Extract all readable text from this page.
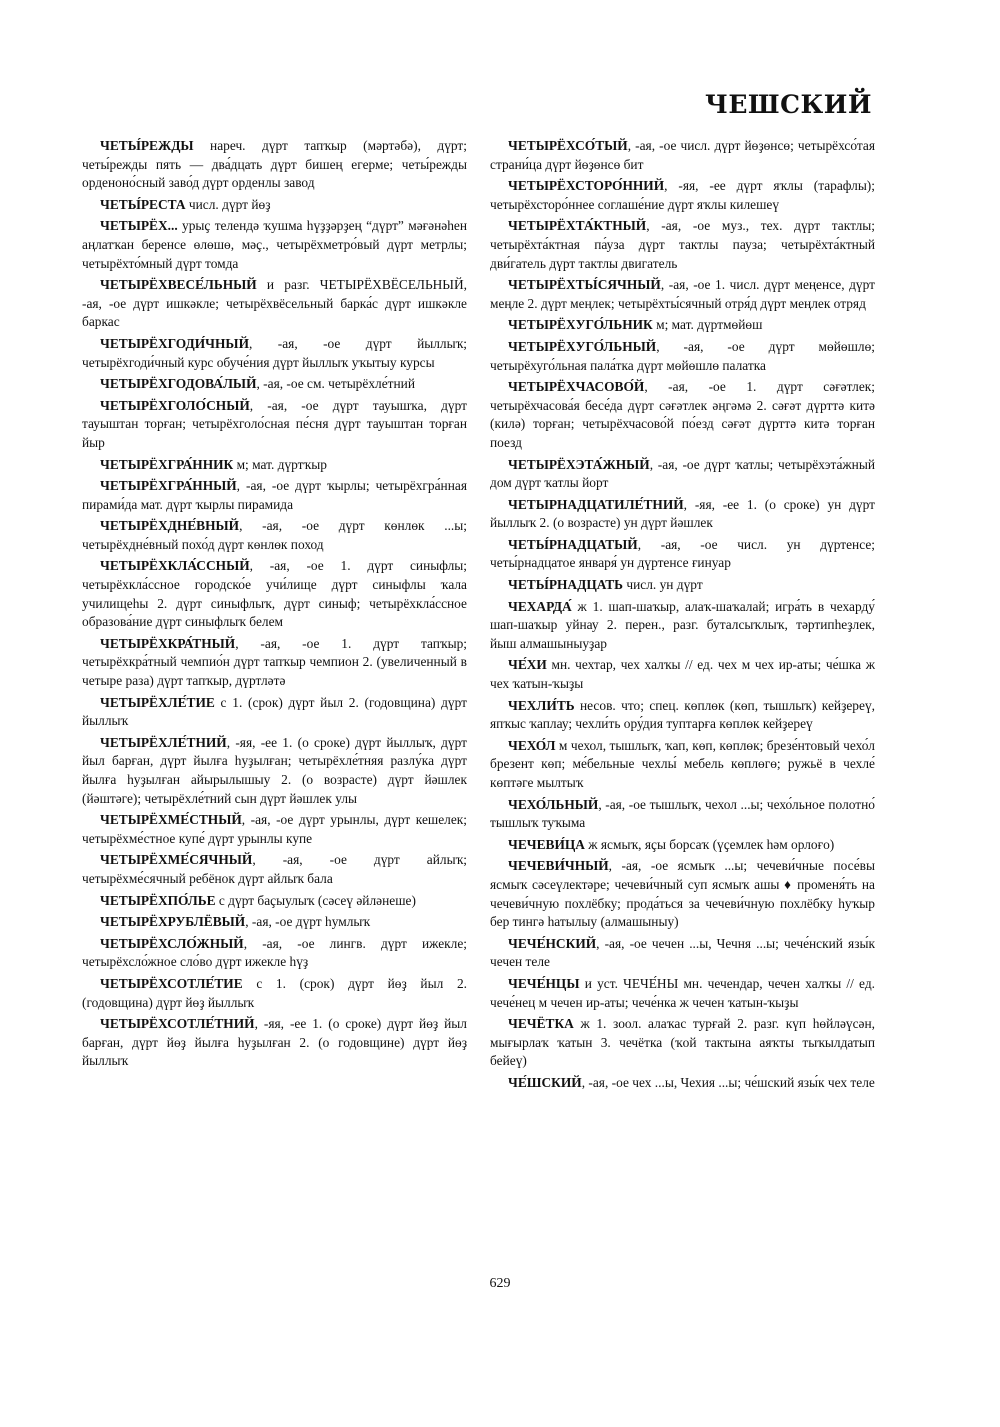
ЧЕШСКИЙ

ЧЕТЫ́РЕЖДЫ нареч. дүрт тапҡыр (мәртәбә), дүрт; четы́режды пять — два́дцать дүрт бишең егерме; четы́режды орденоно́сный заво́д дүрт орденлы завод

ЧЕТЫ́РЕСТА числ. дүрт йөҙ

ЧЕТЫРЁХ... урыҫ телендә ҡушма һүҙҙәрҙең “дүрт” мәғәнәһен аңлатҡан беренсе өлөшө, мәҫ., четырёхметро́вый дүрт метрлы; четырёхто́мный дүрт томда

ЧЕТЫРЁХВЕСЕ́ЛЬНЫЙ и разг. ЧЕТЫРЁХВЁСЕЛЬНЫЙ, -ая, -ое дүрт ишкәкле; четырёхвёсельный барка́с дүрт ишкәкле баркас

ЧЕТЫРЁХГОДИ́ЧНЫЙ, -ая, -ое дүрт йыллыҡ; четырёхгоди́чный курс обуче́ния дүрт йыллыҡ уҡытыу курсы

ЧЕТЫРЁХГОДОВА́ЛЫЙ, -ая, -ое см. четырёхле́тний

ЧЕТЫРЁХГОЛО́СНЫЙ, -ая, -ое дүрт тауышҡа, дүрт тауыштан торған; четырёхголо́сная пе́сня дүрт тауыштан торған йыр

ЧЕТЫРЁХГРА́ННИК м; мат. дүртҡыр

ЧЕТЫРЁХГРА́ННЫЙ, -ая, -ое дүрт ҡырлы; четырёхгра́нная пирами́да мат. дүрт ҡырлы пирамида

ЧЕТЫРЁХДНЕ́ВНЫЙ, -ая, -ое дүрт көнлөк ...ы; четырёхдне́вный похо́д дүрт көнлөк поход

ЧЕТЫРЁХКЛА́ССНЫЙ, -ая, -ое 1. дүрт синыфлы; четырёхкла́ссное городско́е учи́лище дүрт синыфлы ҡала училищеһы 2. дүрт синыфлыҡ, дүрт синыф; четырёхкла́ссное образова́ние дүрт синыфлыҡ белем

ЧЕТЫРЁХКРА́ТНЫЙ, -ая, -ое 1. дүрт тапҡыр; четырёхкра́тный чемпио́н дүрт тапҡыр чемпион 2. (увеличенный в четыре раза) дүрт тапҡыр, дүртләтә

ЧЕТЫРЁХЛЕ́ТИЕ с 1. (срок) дүрт йыл 2. (годовщина) дүрт йыллыҡ

ЧЕТЫРЁХЛЕ́ТНИЙ, -яя, -ее 1. (о сроке) дүрт йыллыҡ, дүрт йыл барған, дүрт йылға һуҙылған; четырёхле́тняя разлу́ка дүрт йылға һуҙылған айырылышыу 2. (о возрасте) дүрт йәшлек (йәштәге); четырёхле́тний сын дүрт йәшлек улы

ЧЕТЫРЁХМЕ́СТНЫЙ, -ая, -ое дүрт урынлы, дүрт кешелек; четырёхме́стное купе́ дүрт урынлы купе

ЧЕТЫРЁХМЕ́СЯЧНЫЙ, -ая, -ое дүрт айлыҡ; четырёхме́сячный ребёнок дүрт айлыҡ бала

ЧЕТЫРЁХПО́ЛЬЕ с дүрт баҫыулыҡ (сәсеү әйләнеше)

ЧЕТЫРЁХРУБЛЁВЫЙ, -ая, -ое дүрт һумлыҡ

ЧЕТЫРЁХСЛО́ЖНЫЙ, -ая, -ое лингв. дүрт ижекле; четырёхсло́жное сло́во дүрт ижекле һүҙ

ЧЕТЫРЁХСОТЛЕ́ТИЕ с 1. (срок) дүрт йөҙ йыл 2. (годовщина) дүрт йөҙ йыллыҡ

ЧЕТЫРЁХСОТЛЕ́ТНИЙ, -яя, -ее 1. (о сроке) дүрт йөҙ йыл барған, дүрт йөҙ йылға һуҙылған 2. (о годовщине) дүрт йөҙ йыллыҡ

ЧЕТЫРЁХСО́ТЫЙ, -ая, -ое числ. дүрт йөҙөнсө; четырёхсо́тая страни́ца дүрт йөҙөнсө бит

ЧЕТЫРЁХСТОРО́ННИЙ, -яя, -ее дүрт яҡлы (тарафлы); четырёхсторо́ннее соглаше́ние дүрт яҡлы килешеү

ЧЕТЫРЁХТА́КТНЫЙ, -ая, -ое муз., тех. дүрт тактлы; четырёхта́ктная па́уза дүрт тактлы пауза; четырёхта́ктный дви́гатель дүрт тактлы двигатель

ЧЕТЫРЁХТЫ́СЯЧНЫЙ, -ая, -ое 1. числ. дүрт меңенсе, дүрт меңле 2. дүрт меңлек; четырёхты́сячный отря́д дүрт меңлек отряд

ЧЕТЫРЁХУГО́ЛЬНИК м; мат. дүртмөйөш

ЧЕТЫРЁХУГО́ЛЬНЫЙ, -ая, -ое дүрт мөйөшлө; четырёхуго́льная пала́тка дүрт мөйөшлө палатка

ЧЕТЫРЁХЧАСОВО́Й, -ая, -ое 1. дүрт сәғәтлек; четырёхчасова́я бесе́да дүрт сәғәтлек әңгәмә 2. сәғәт дүрттә китә (килә) торған; четырёхчасово́й по́езд сәғәт дүрттә китә торған поезд

ЧЕТЫРЁХЭТА́ЖНЫЙ, -ая, -ое дүрт ҡатлы; четырёхэта́жный дом дүрт ҡатлы йорт

ЧЕТЫРНАДЦАТИЛЕ́ТНИЙ, -яя, -ее 1. (о сроке) ун дүрт йыллыҡ 2. (о возрасте) ун дүрт йәшлек

ЧЕТЫ́РНАДЦАТЫЙ, -ая, -ое числ. ун дүртенсе; четы́рнадцатое января́ ун дүртенсе ғинуар

ЧЕТЫ́РНАДЦАТЬ числ. ун дүрт

ЧЕХАРДА́ ж 1. шап-шаҡыр, алаҡ-шаҡалай; игра́ть в чехарду́ шап-шаҡыр уйнау 2. перен., разг. буталсыҡлыҡ, тәртипһеҙлек, йыш алмашыныуҙар

ЧЕ́ХИ мн. чехтар, чех халҡы // ед. чех м чех ир-аты; че́шка ж чех ҡатын-ҡыҙы

ЧЕХЛИ́ТЬ несов. что; спец. көплөк (көп, тышлыҡ) кейҙереү, япҡыс ҡаплау; чехли́ть ору́дия туптарға көплөк кейҙереү

ЧЕХО́Л м чехол, тышлыҡ, ҡап, көп, көплөк; брезе́нтовый чехо́л брезент көп; ме́бельные чехлы́ мебель көплөгө; ружьё в чехле́ көптәге мылтыҡ

ЧЕХО́ЛЬНЫЙ, -ая, -ое тышлыҡ, чехол ...ы; чехо́льное полотно́ тышлыҡ туҡыма

ЧЕЧЕВИ́ЦА ж ясмыҡ, яҫы борсаҡ (үҫемлек һәм орлоғо)

ЧЕЧЕВИ́ЧНЫЙ, -ая, -ое ясмыҡ ...ы; чечеви́чные посе́вы ясмыҡ сәсеүлектәре; чечеви́чный суп ясмыҡ ашы ♦ променя́ть на чечеви́чную похлёбку; прода́ться за чечеви́чную похлёбку һуҡыр бер тингә һатылыу (алмашыныу)

ЧЕЧЕ́НСКИЙ, -ая, -ое чечен ...ы, Чечня ...ы; чече́нский язы́к чечен теле

ЧЕЧЕ́НЦЫ и уст. ЧЕЧЕ́НЫ мн. чечендар, чечен халҡы // ед. чече́нец м чечен ир-аты; чече́нка ж чечен ҡатын-ҡыҙы

ЧЕЧЁТКА ж 1. зоол. алаҡас турғай 2. разг. күп һөйләүсән, мығырлаҡ ҡатын 3. чечётка (ҡой тактына аяҡты тыҡылдатып бейеү)

ЧЕ́ШСКИЙ, -ая, -ое чех ...ы, Чехия ...ы; че́шский язы́к чех теле

629
